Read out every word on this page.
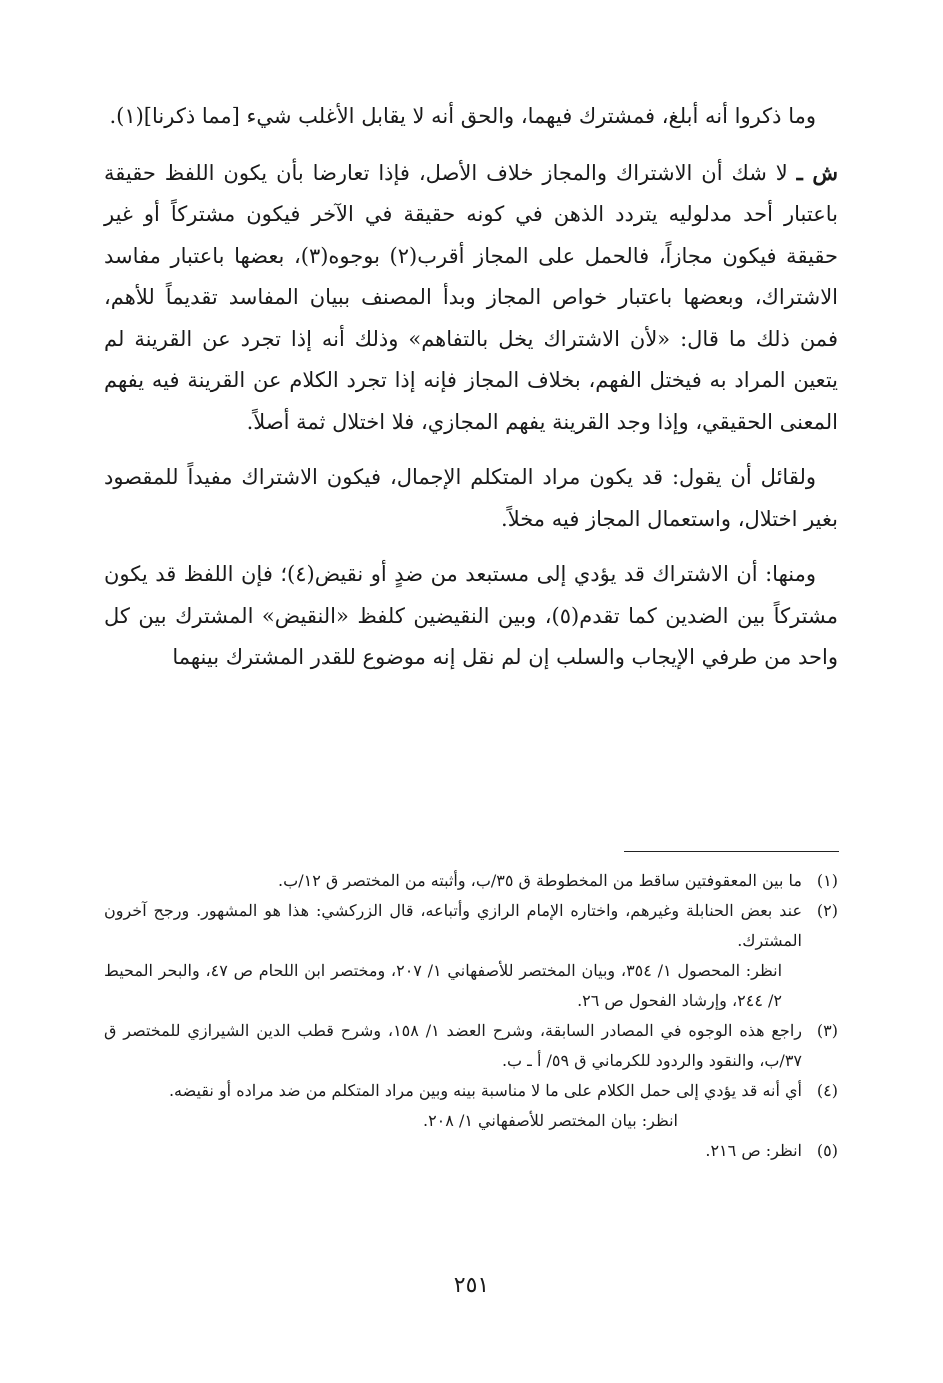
وما ذكروا أنه أبلغ، فمشترك فيهما، والحق أنه لا يقابل الأغلب شيء [مما ذكرنا](١).

ش ـ لا شك أن الاشتراك والمجاز خلاف الأصل، فإذا تعارضا بأن يكون اللفظ حقيقة باعتبار أحد مدلوليه يتردد الذهن في كونه حقيقة في الآخر فيكون مشتركاً أو غير حقيقة فيكون مجازاً، فالحمل على المجاز أقرب(٢) بوجوه(٣)، بعضها باعتبار مفاسد الاشتراك، وبعضها باعتبار خواص المجاز وبدأ المصنف ببيان المفاسد تقديماً للأهم، فمن ذلك ما قال: «لأن الاشتراك يخل بالتفاهم» وذلك أنه إذا تجرد عن القرينة لم يتعين المراد به فيختل الفهم، بخلاف المجاز فإنه إذا تجرد الكلام عن القرينة فيه يفهم المعنى الحقيقي، وإذا وجد القرينة يفهم المجازي، فلا اختلال ثمة أصلاً.

ولقائل أن يقول: قد يكون مراد المتكلم الإجمال، فيكون الاشتراك مفيداً للمقصود بغير اختلال، واستعمال المجاز فيه مخلاً.

ومنها: أن الاشتراك قد يؤدي إلى مستبعد من ضدٍ أو نقيض(٤)؛ فإن اللفظ قد يكون مشتركاً بين الضدين كما تقدم(٥)، وبين النقيضين كلفظ «النقيض» المشترك بين كل واحد من طرفي الإيجاب والسلب إن لم نقل إنه موضوع للقدر المشترك بينهما

(١)
ما بين المعقوفتين ساقط من المخطوطة ق ٣٥/ب، وأثبته من المختصر ق ١٢/ب.
(٢)
عند بعض الحنابلة وغيرهم، واختاره الإمام الرازي وأتباعه، قال الزركشي: هذا هو المشهور. ورجح آخرون المشترك.
انظر: المحصول ١/ ٣٥٤، وبيان المختصر للأصفهاني ١/ ٢٠٧، ومختصر ابن اللحام ص ٤٧، والبحر المحيط ٢/ ٢٤٤، وإرشاد الفحول ص ٢٦.
(٣)
راجع هذه الوجوه في المصادر السابقة، وشرح العضد ١/ ١٥٨، وشرح قطب الدين الشيرازي للمختصر ق ٣٧/ب، والنقود والردود للكرماني ق ٥٩/ أ ـ ب.
(٤)
أي أنه قد يؤدي إلى حمل الكلام على ما لا مناسبة بينه وبين مراد المتكلم من ضد مراده أو نقيضه.
انظر: بيان المختصر للأصفهاني ١/ ٢٠٨.
(٥)
انظر: ص ٢١٦.
٢٥١
